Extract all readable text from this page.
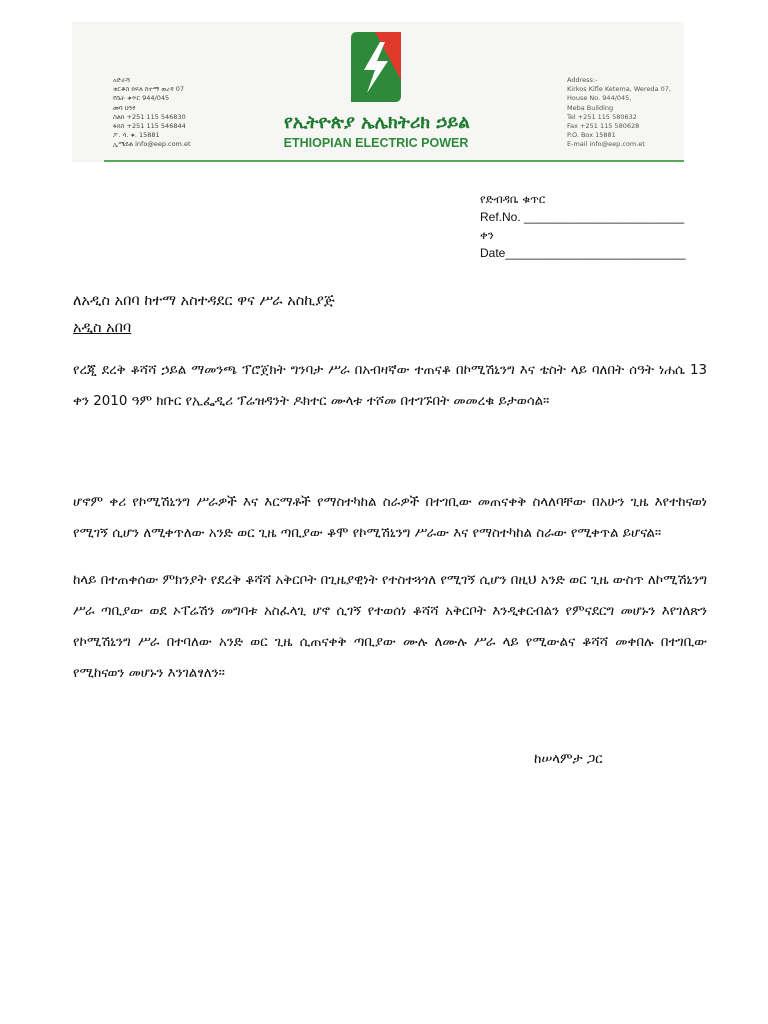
አድራሻ
ቂርቆስ ክፍለ ከተማ ወረዳ 07
የቤት ቁጥር 944/045
መባ ህንፃ
ስልክ +251 115 546830
ፋክስ +251 115 546844
ፖ. ሳ. ቁ. 15881
ኢሜይል info@eep.com.et
የኢትዮጵያ ኤሌክትሪክ ኃይል
ETHIOPIAN ELECTRIC POWER
Address:-
Kirkos Kifle Ketema, Wereda 07,
House No. 944/045,
Meba Building
Tel +251 115 580632
Fax +251 115 580628
P.O. Box 15881
E-mail info@eep.com.et
የድብዳቤ ቁጥር
Ref.No. ________________________
ቀን
Date___________________________
ለአዲስ አበባ ከተማ አስተዳደር ዋና ሥራ አስኪያጅ
አዲስ አበባ
የረጂ ደረቅ ቆሻሻ ኃይል ማመንጫ ፕሮጀክት ግንባታ ሥራ በአብዛኛው ተጠናቆ በኮሚሽኒንግ እና ቴስት ላይ ባለበት ሰዓት ነሐሴ 13 ቀን 2010 ዓም ክቡር የኢፌዲሪ ፕሬዝዳንት ዶክተር ሙላቱ ተሾመ በተገኙበት መመረቁ ይታወሳል።
ሆኖም ቀሪ የኮሚሽኒንግ ሥራዎች እና እርማቶች የማስተካከል ስራዎች በተገቢው መጠናቀቅ ስላለባቸው በአሁን ጊዜ እየተከናወነ የሚገኝ ሲሆን ለሚቀጥለው አንድ ወር ጊዜ ጣቢያው ቆሞ የኮሚሽኒንግ ሥራው እና የማስተካከል ስራው የሚቀጥል ይሆናል።
ከላይ በተጠቀሰው ምክንያት የደረቅ ቆሻሻ አቅርቦት በጊዜያዊነት የተስተጓጎለ የሚገኝ ሲሆን በዚህ አንድ ወር ጊዜ ውስጥ ለኮሚሽኒንግ ሥራ ጣቢያው ወደ ኦፐሬሽን መግባቱ አስፈላጊ ሆኖ ሲገኝ የተወሰነ ቆሻሻ አቅርቦት እንዲቀርብልን የምናደርግ መሆኑን እየገለጽን የኮሚሽኒንግ ሥራ በተባለው አንድ ወር ጊዜ ሲጠናቀቅ ጣቢያው ሙሉ ለሙሉ ሥራ ላይ የሚውልና ቆሻሻ መቀበሉ በተገቢው የሚከናወን መሆኑን እንገልፃለን።
ከሠላምታ ጋር
